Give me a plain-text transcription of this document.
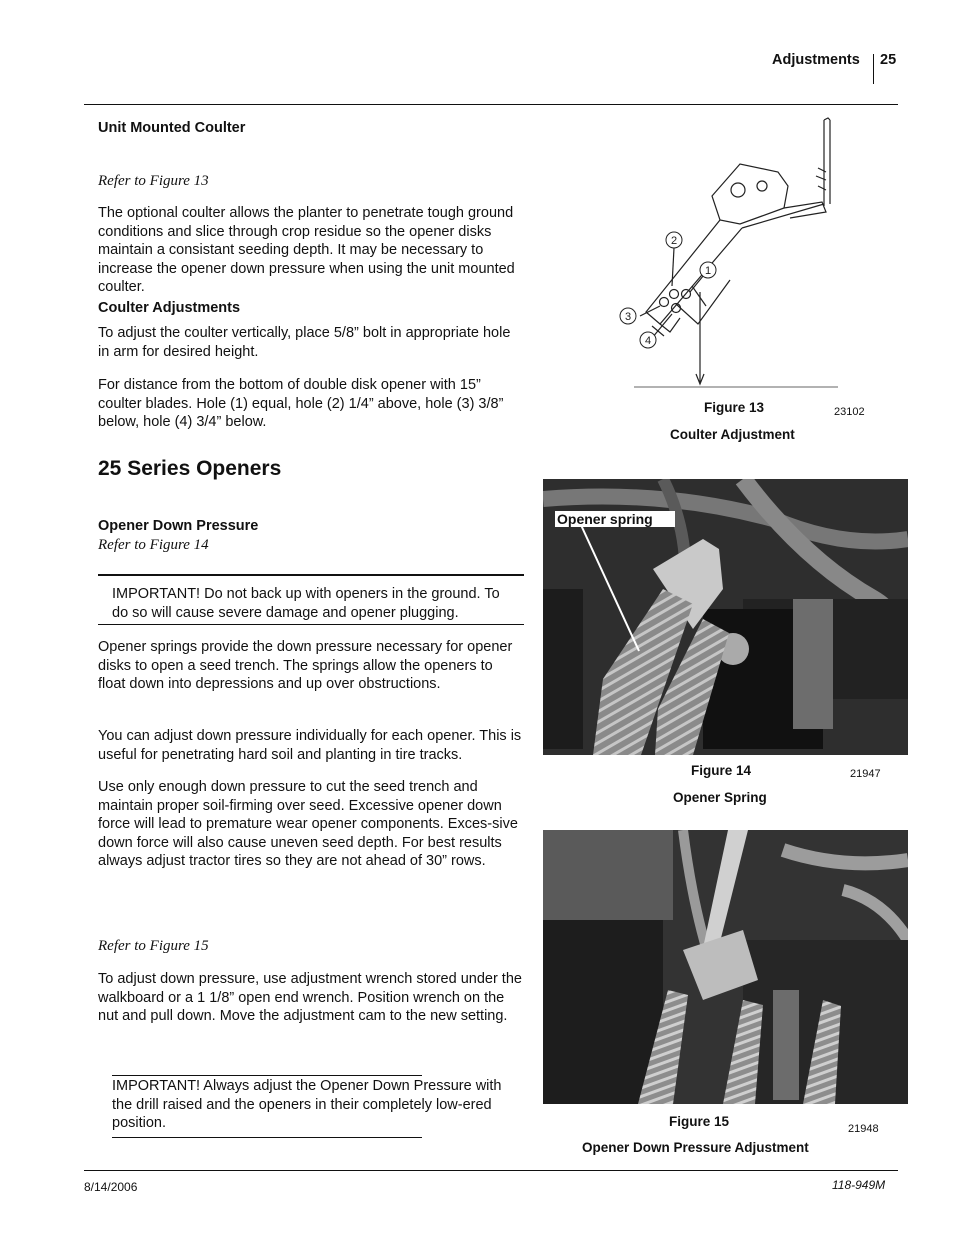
Adjustments 25
Unit Mounted Coulter
Refer to Figure 13
The optional coulter allows the planter to penetrate tough ground conditions and slice through crop residue so the opener disks maintain a consistant seeding depth. It may be necessary to increase the opener down pressure when using the unit mounted coulter.
Coulter Adjustments
To adjust the coulter vertically, place 5/8” bolt in appropriate hole in arm for desired height.
For distance from the bottom of double disk opener with 15” coulter blades. Hole (1) equal, hole (2) 1/4” above, hole (3) 3/8” below, hole (4) 3/4” below.
25 Series Openers
Opener Down Pressure
Refer to Figure 14
IMPORTANT! Do not back up with openers in the ground. To do so will cause severe damage and opener plugging.
Opener springs provide the down pressure necessary for opener disks to open a seed trench. The springs allow the openers to float down into depressions and up over obstructions.
You can adjust down pressure individually for each opener. This is useful for penetrating hard soil and planting in tire tracks.
Use only enough down pressure to cut the seed trench and maintain proper soil-firming over seed. Excessive opener down force will lead to premature wear opener components. Exces-sive down force will also cause uneven seed depth. For best results always adjust tractor tires so they are not ahead of 30” rows.
Refer to Figure 15
To adjust down pressure, use adjustment wrench stored under the walkboard or a 1 1/8” open end wrench. Position wrench on the nut and pull down. Move the adjustment cam to the new setting.
IMPORTANT! Always adjust the Opener Down Pressure with the drill raised and the openers in their completely low-ered position.
2
1
3
4
Figure 13	23102
Coulter Adjustment
Opener spring
Figure 14	21947
Opener Spring
Figure 15	21948
Opener Down Pressure Adjustment
8/14/2006	118-949M
